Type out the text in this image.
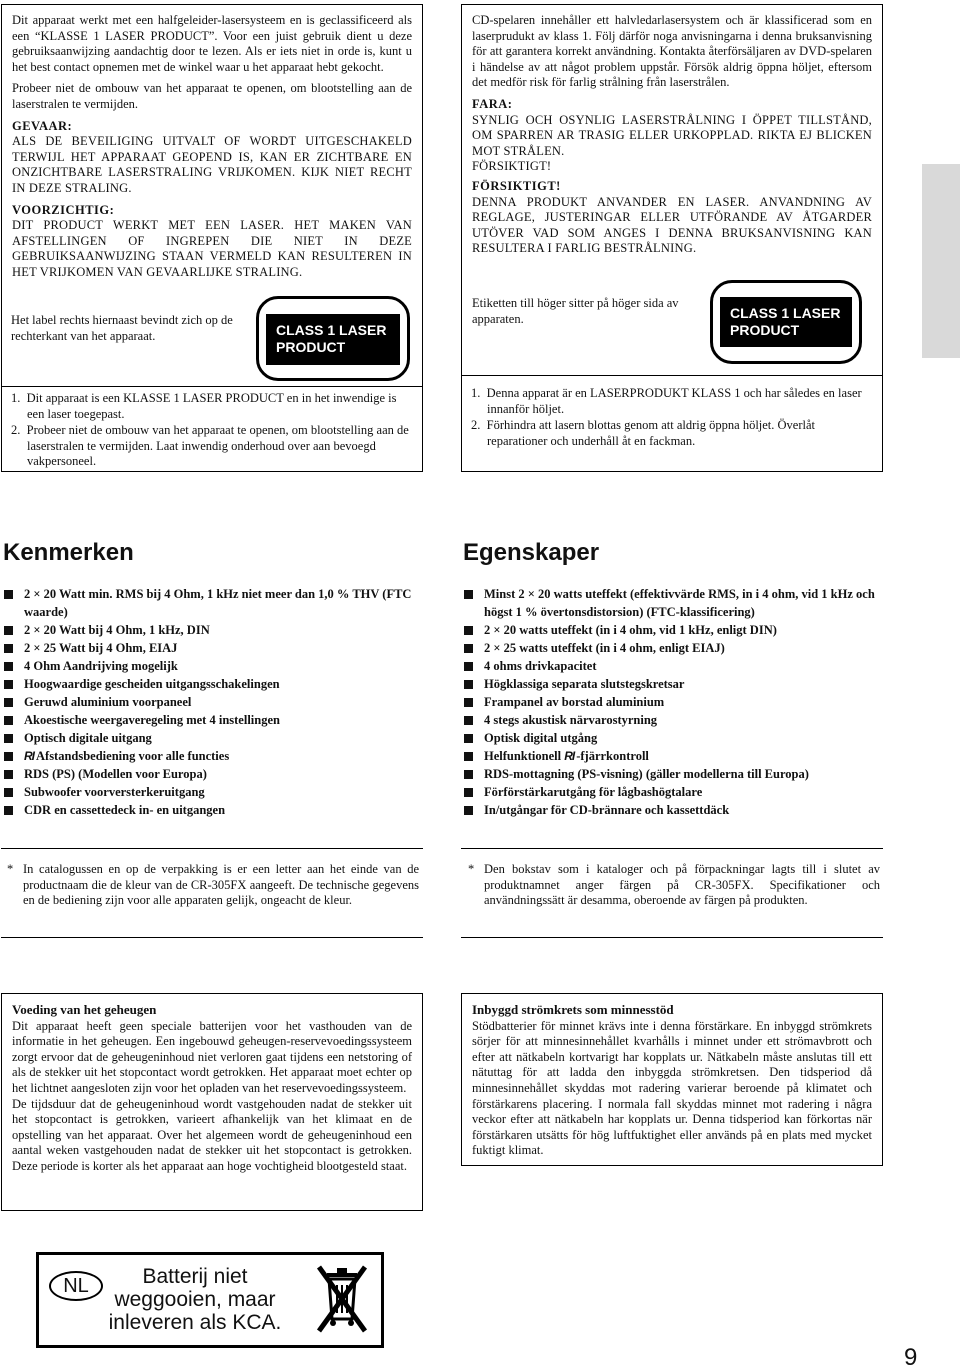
Dit apparaat werkt met een halfgeleider-lasersysteem en is geclassificeerd als een “KLASSE 1 LASER PRODUCT”. Voor een juist gebruik dient u deze gebruiksaanwijzing aandachtig door te lezen. Als er iets niet in orde is, kunt u het best contact opnemen met de winkel waar u het apparaat hebt gekocht.

Probeer niet de ombouw van het apparaat te openen, om blootstelling aan de laserstralen te vermijden.

GEVAAR:

ALS DE BEVEILIGING UITVALT OF WORDT UITGESCHAKELD TERWIJL HET APPARAAT GEOPEND IS, KAN ER ZICHTBARE EN ONZICHTBARE LASERSTRALING VRIJKOMEN. KIJK NIET RECHT IN DEZE STRALING.

VOORZICHTIG:

DIT PRODUCT WERKT MET EEN LASER. HET MAKEN VAN AFSTELLINGEN OF INGREPEN DIE NIET IN DEZE GEBRUIKSAANWIJZING STAAN VERMELD KAN RESULTEREN IN HET VRIJKOMEN VAN GEVAARLIJKE STRALING.

Het label rechts hiernaast bevindt zich op de rechterkant van het apparaat.	CLASS 1 LASER
PRODUCT
1. Dit apparaat is een KLASSE 1 LASER PRODUCT en in het inwendige is een laser toegepast.
2. Probeer niet de ombouw van het apparaat te openen, om blootstelling aan de laserstralen te vermijden. Laat inwendig onderhoud over aan bevoegd vakpersoneel.

CD-spelaren innehåller ett halvledarlasersystem och är klassificerad som en laserprudukt av klass 1. Följ därför noga anvisningarna i denna bruksanvisning för att garantera korrekt användning. Kontakta återförsäljaren av DVD-spelaren i händelse av att något problem uppstår. Försök aldrig öppna höljet, eftersom det medför risk för farlig strålning från laserstrålen.

FARA:

SYNLIG OCH OSYNLIG LASERSTRÅLNING I ÖPPET TILLSTÅND, OM SPARREN AR TRASIG ELLER URKOPPLAD. RIKTA EJ BLICKEN MOT STRÅLEN.

FÖRSIKTIGT!

FÖRSIKTIGT!

DENNA PRODUKT ANVANDER EN LASER. ANVANDNING AV REGLAGE, JUSTERINGAR ELLER UTFÖRANDE AV ÅTGARDER UTÖVER VAD SOM ANGES I DENNA BRUKSANVISNING KAN RESULTERA I FARLIG BESTRÅLNING.

Etiketten till höger sitter på höger sida av apparaten.	CLASS 1 LASER
PRODUCT
1. Denna apparat är en LASERPRODUKT KLASS 1 och har således en laser innanför höljet.
2. Förhindra att lasern blottas genom att aldrig öppna höljet. Överlåt reparationer och underhåll åt en fackman.
Kenmerken	Egenskaper
2 × 20 Watt min. RMS bij 4 Ohm, 1 kHz niet meer dan 1,0 % THV (FTC waarde)
2 × 20 Watt bij 4 Ohm, 1 kHz, DIN
2 × 25 Watt bij 4 Ohm, EIAJ
4 Ohm Aandrijving mogelijk
Hoogwaardige gescheiden uitgangsschakelingen
Geruwd aluminium voorpaneel
Akoestische weergaveregeling met 4 instellingen
Optisch digitale uitgang
RI Afstandsbediening voor alle functies
RDS (PS) (Modellen voor Europa)
Subwoofer voorversterkeruitgang
CDR en cassettedeck in- en uitgangen
Minst 2 × 20 watts uteffekt (effektivvärde RMS, in i 4 ohm, vid 1 kHz och högst 1 % övertonsdistorsion) (FTC-klassificering)
2 × 20 watts uteffekt (in i 4 ohm, vid 1 kHz, enligt DIN)
2 × 25 watts uteffekt (in i 4 ohm, enligt EIAJ)
4 ohms drivkapacitet
Högklassiga separata slutstegskretsar
Frampanel av borstad aluminium
4 stegs akustisk närvarostyrning
Optisk digital utgång
Helfunktionell RI -fjärrkontroll
RDS-mottagning (PS-visning) (gäller modellerna till Europa)
Förförstärkarutgång för lågbashögtalare
In/utgångar för CD-brännare och kassettdäck
* In catalogussen en op de verpakking is er een letter aan het einde van de productnaam die de kleur van de CR-305FX aangeeft. De technische gegevens en de bediening zijn voor alle apparaten gelijk, ongeacht de kleur.
* Den bokstav som i kataloger och på förpackningar lagts till i slutet av produktnamnet anger färgen på CR-305FX. Specifikationer och användningssätt är desamma, oberoende av färgen på produkten.

Voeding van het geheugen

Dit apparaat heeft geen speciale batterijen voor het vasthouden van de informatie in het geheugen. Een ingebouwd geheugen-reservevoedingssysteem zorgt ervoor dat de geheugeninhoud niet verloren gaat tijdens een netstoring of als de stekker uit het stopcontact wordt getrokken. Het apparaat moet echter op het lichtnet aangesloten zijn voor het opladen van het reservevoedingssysteem.

De tijdsduur dat de geheugeninhoud wordt vastgehouden nadat de stekker uit het stopcontact is getrokken, varieert afhankelijk van het klimaat en de opstelling van het apparaat. Over het algemeen wordt de geheugeninhoud een aantal weken vastgehouden nadat de stekker uit het stopcontact is getrokken. Deze periode is korter als het apparaat aan hoge vochtigheid blootgesteld staat.

Inbyggd strömkrets som minnesstöd

Stödbatterier för minnet krävs inte i denna förstärkare. En inbyggd strömkrets sörjer för att minnesinnehållet kvarhålls i minnet under ett strömavbrott och efter att nätkabeln kortvarigt har kopplats ur. Nätkabeln måste anslutas till ett nätuttag för att ladda den inbyggda strömkretsen. Den tidsperiod då minnesinnehållet skyddas mot radering varierar beroende på klimatet och förstärkarens placering. I normala fall skyddas minnet mot radering i några veckor efter att nätkabeln har kopplats ur. Denna tidsperiod kan förkortas när förstärkaren utsätts för hög luftfuktighet eller används på en plats med mycket fuktigt klimat.

NL	Batterij niet
weggooien, maar
inleveren als KCA.
9
